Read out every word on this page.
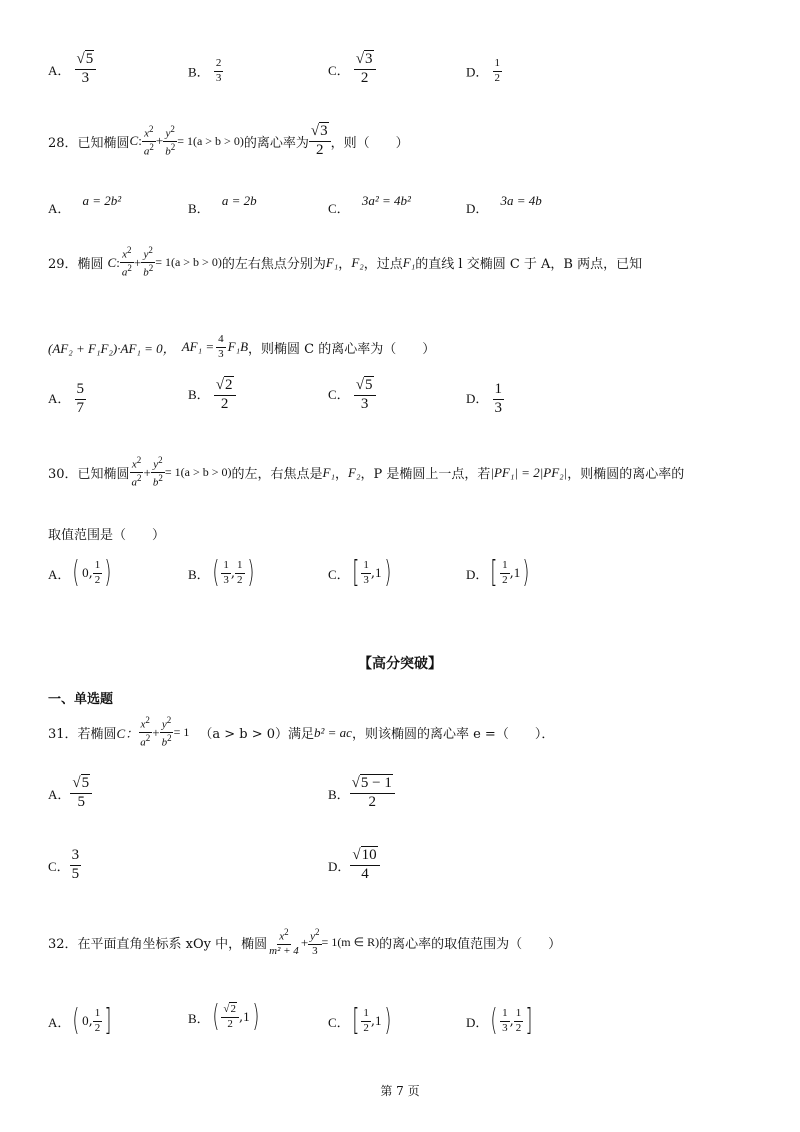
A． $\frac{√5}{3}$	B． $\frac{2}{3}$	C． $\frac{√3}{2}$	D． $\frac{1}{2}$
28．已知椭圆 C : $\frac{x^2}{a^2} + \frac{y^2}{b^2} = 1(a > b > 0)$ 的离心率为 $\frac{√3}{2}$ ，则（　　）
A． a = 2b²
B． a = 2b
C． 3a² = 4b²
D． 3a = 4b
29．椭圆 C : $\frac{x^2}{a^2} + \frac{y^2}{b^2} = 1(a > b > 0)$ 的左右焦点分别为 F₁ ， F₂ ，过点 F₁ 的直线 l 交椭圆 C 于 A，B 两点，已知
(AF₂ + F₁F₂)·AF₁ = 0， $AF_1 = \frac{4}{3} F_1B$ ，则椭圆 C 的离心率为（　　）
A． $\frac{5}{7}$	B． $\frac{√2}{2}$	C． $\frac{√5}{3}$	D． $\frac{1}{3}$
30．已知椭圆 $\frac{x^2}{a^2} + \frac{y^2}{b^2} = 1(a > b > 0)$ 的左，右焦点是 F₁ ， F₂ ，P 是椭圆上一点，若 |PF₁| = 2|PF₂| ，则椭圆的离心率的
取值范围是（　　）
A． ( 0 , $\frac{1}{2}$ )	B． ( $\frac{1}{3}$ , $\frac{1}{2}$ )	C． [ $\frac{1}{3}$ , 1 )	D． [ $\frac{1}{2}$ , 1 )
【高分突破】
一、单选题
31．若椭圆 C： $\frac{x^2}{a^2} + \frac{y^2}{b^2} = 1$ （a > b > 0）满足 b² = ac ，则该椭圆的离心率 e =（　　）．
A． $\frac{√5}{5}$	B． $\frac{√5 - 1}{2}$
C． $\frac{3}{5}$	D． $\frac{√10}{4}$
32．在平面直角坐标系 xOy 中，椭圆 $\frac{x^2}{\text{m² + 4}} + \frac{y^2}{3} = 1(m$ ∈ R) 的离心率的取值范围为（　　）
A． ( 0 , $\frac{1}{2}$ ]	B． ( $\frac{√2}{2}$ , 1 )	C． [ $\frac{1}{2}$ , 1 )	D． ( $\frac{1}{3}$ , $\frac{1}{2}$ ]
第 7 页
